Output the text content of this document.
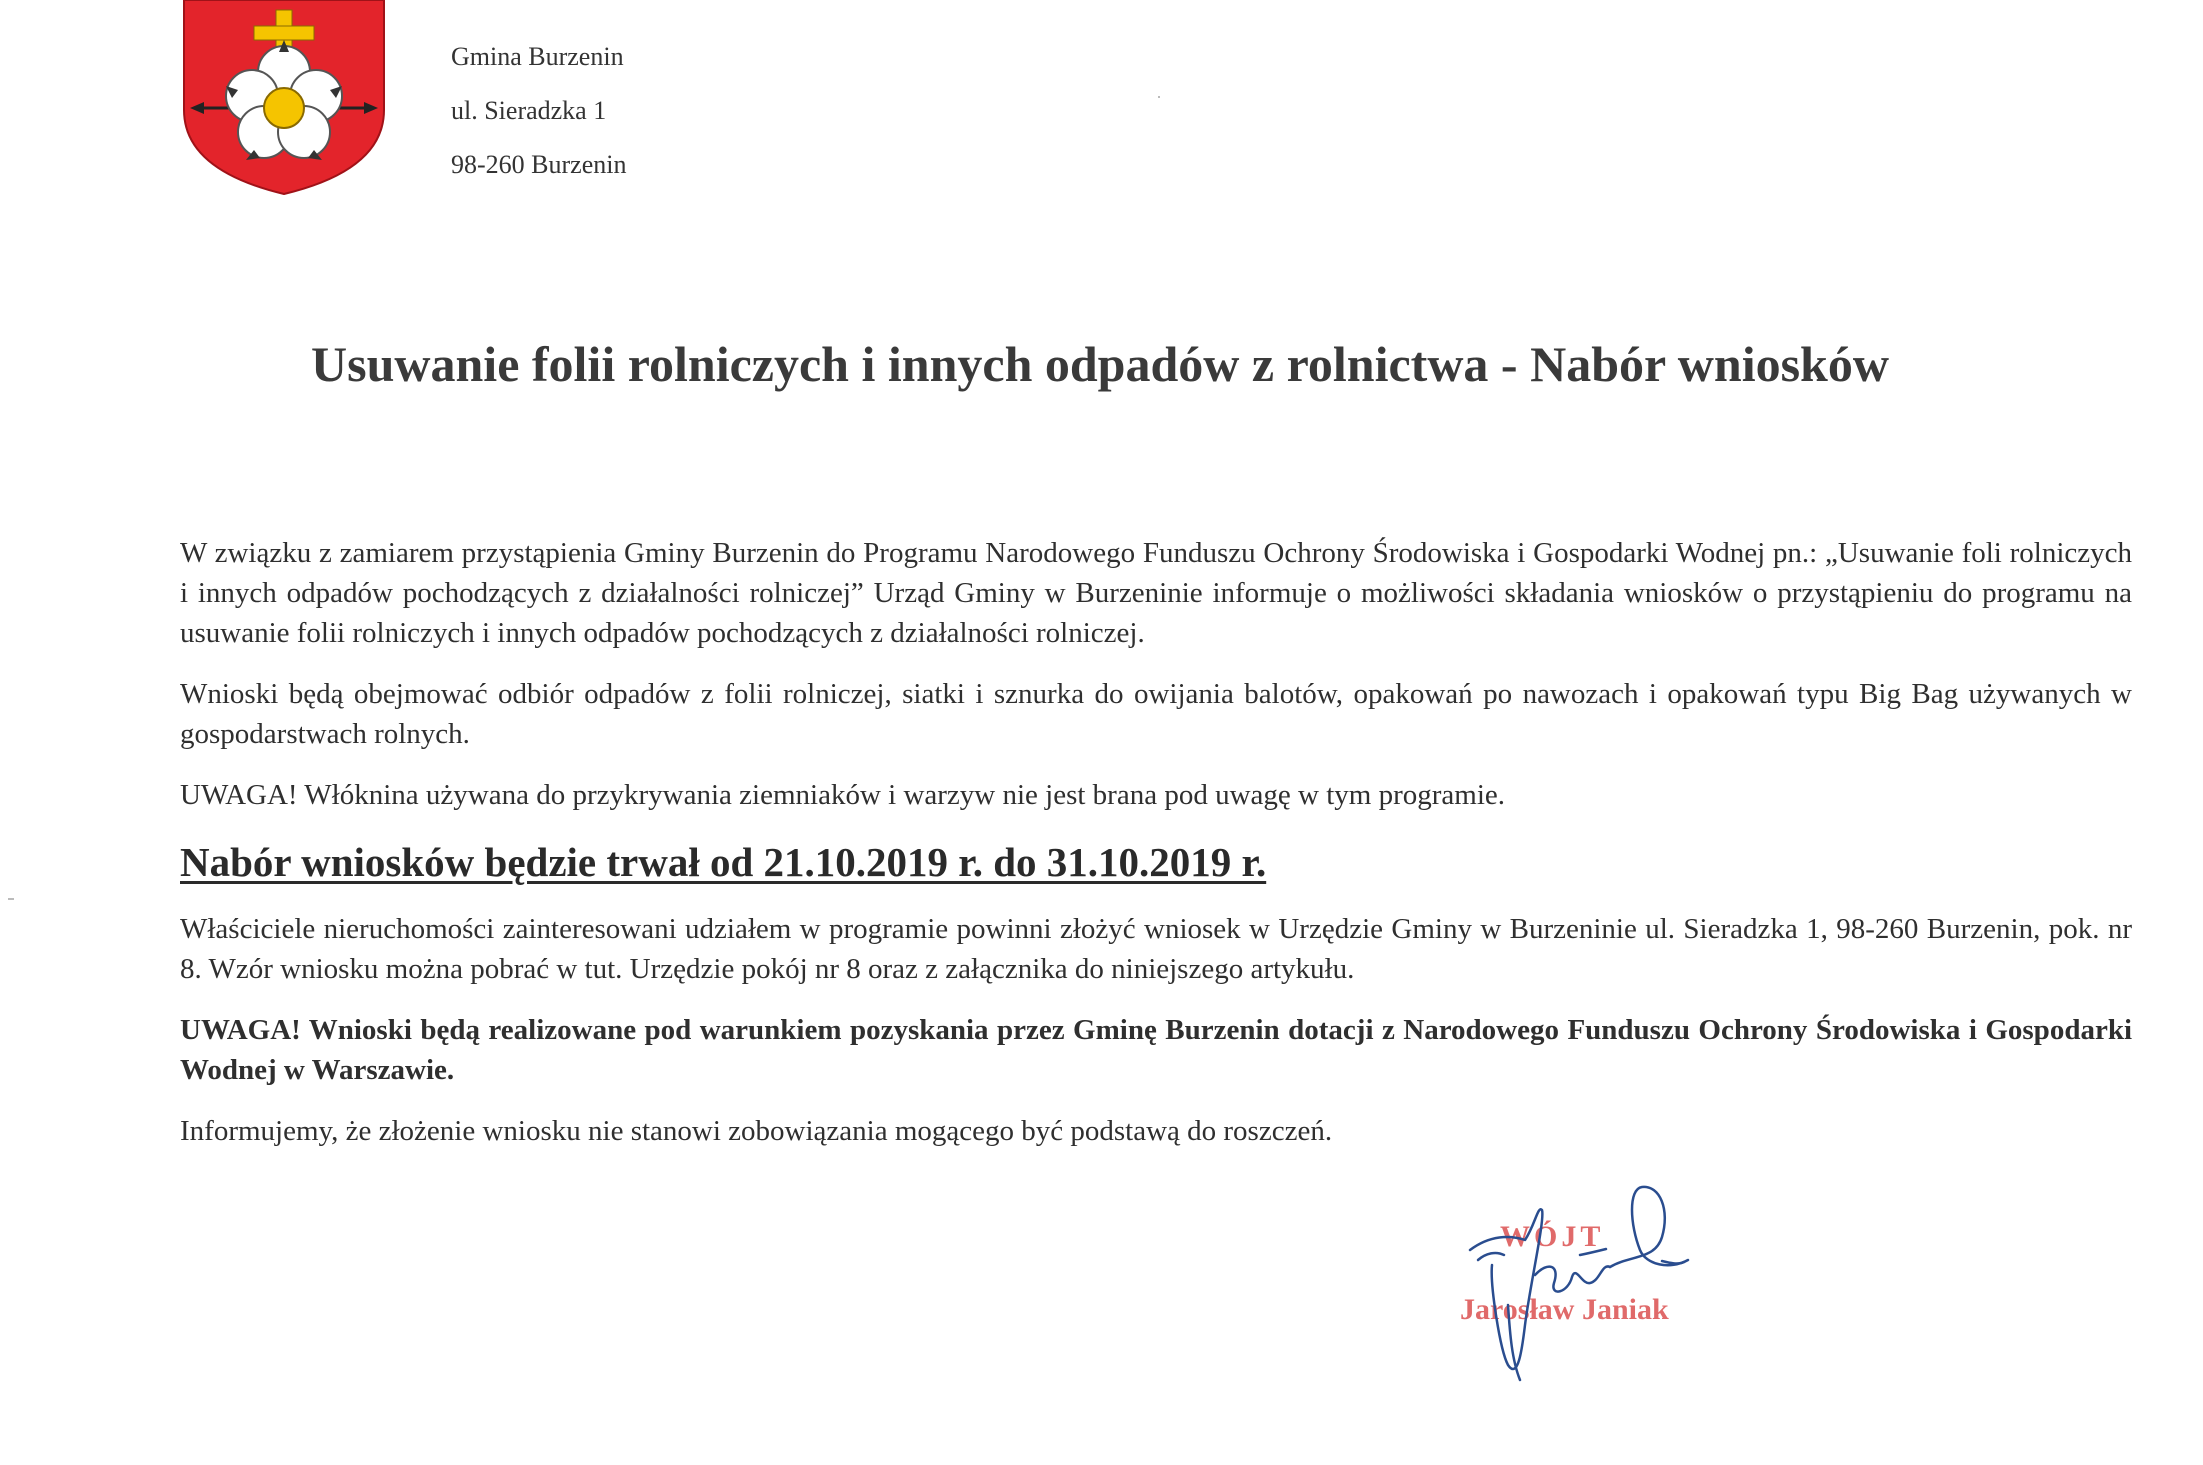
Gmina Burzenin
ul. Sieradzka 1
98-260 Burzenin
Usuwanie folii rolniczych i innych odpadów z rolnictwa - Nabór wniosków

W związku z zamiarem przystąpienia Gminy Burzenin do Programu Narodowego Funduszu Ochrony Środowiska i Gospodarki Wodnej pn.: „Usuwanie foli rolniczych i innych odpadów pochodzących z działalności rolniczej” Urząd Gminy w Burzeninie informuje o możliwości składania wniosków o przystąpieniu do programu na usuwanie folii rolniczych i innych odpadów pochodzących z działalności rolniczej.

Wnioski będą obejmować odbiór odpadów z folii rolniczej, siatki i sznurka do owijania balotów, opakowań po nawozach i opakowań typu Big Bag używanych w gospodarstwach rolnych.

UWAGA! Włóknina używana do przykrywania ziemniaków i warzyw nie jest brana pod uwagę w tym programie.

Nabór wniosków będzie trwał od 21.10.2019 r. do 31.10.2019 r.

Właściciele nieruchomości zainteresowani udziałem w programie powinni złożyć wniosek w Urzędzie Gminy w Burzeninie ul. Sieradzka 1, 98-260 Burzenin, pok. nr 8. Wzór wniosku można pobrać w tut. Urzędzie pokój nr 8 oraz z załącznika do niniejszego artykułu.

UWAGA! Wnioski będą realizowane pod warunkiem pozyskania przez Gminę Burzenin dotacji z Narodowego Funduszu Ochrony Środowiska i Gospodarki Wodnej w Warszawie.

Informujemy, że złożenie wniosku nie stanowi zobowiązania mogącego być podstawą do roszczeń.

WÓJT
Jarosław Janiak
